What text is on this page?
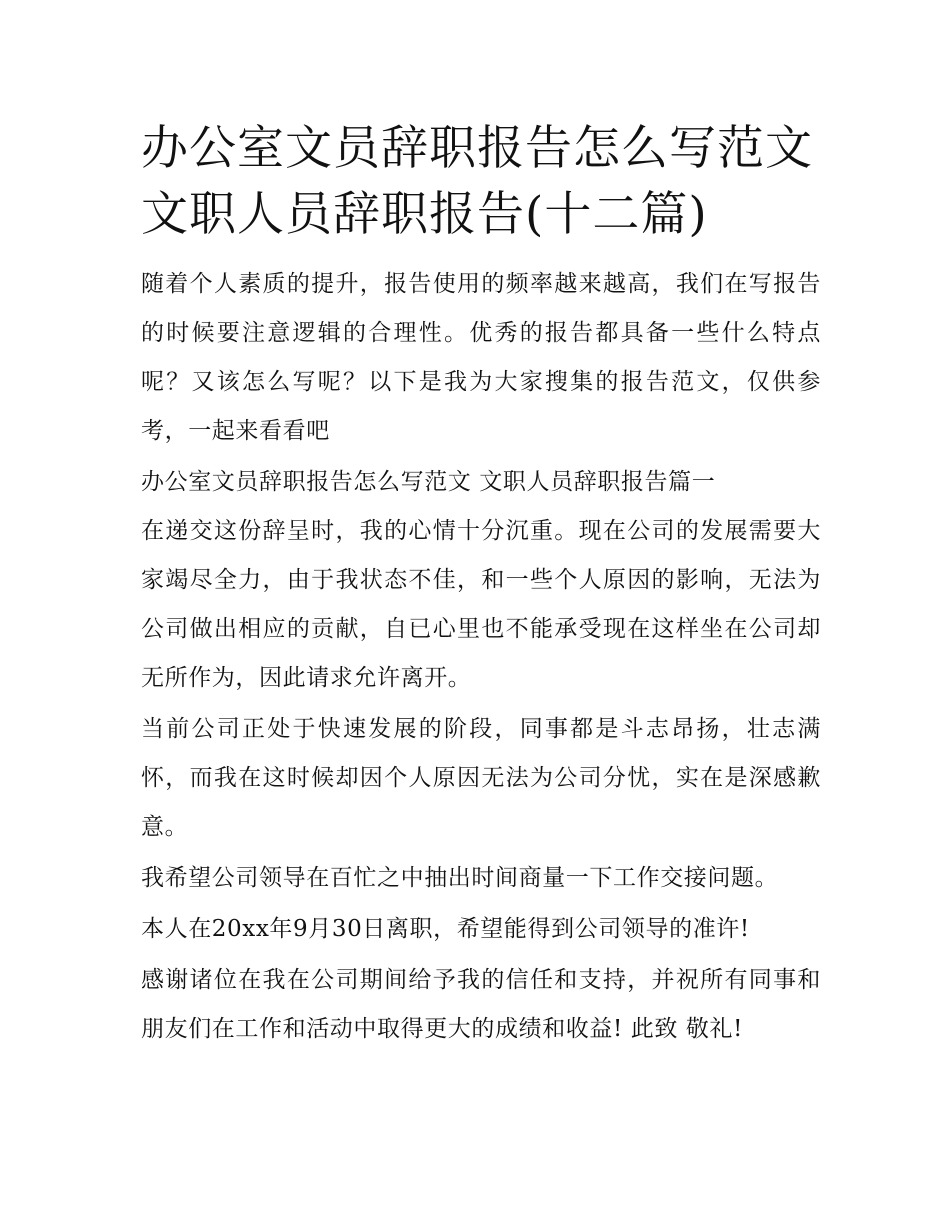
办公室文员辞职报告怎么写范文 文职人员辞职报告(十二篇)

随着个人素质的提升，报告使用的频率越来越高，我们在写报告的时候要注意逻辑的合理性。优秀的报告都具备一些什么特点呢？又该怎么写呢？以下是我为大家搜集的报告范文，仅供参考，一起来看看吧

办公室文员辞职报告怎么写范文 文职人员辞职报告篇一

在递交这份辞呈时，我的心情十分沉重。现在公司的发展需要大家竭尽全力，由于我状态不佳，和一些个人原因的影响，无法为公司做出相应的贡献，自已心里也不能承受现在这样坐在公司却无所作为，因此请求允许离开。

当前公司正处于快速发展的阶段，同事都是斗志昂扬，壮志满怀，而我在这时候却因个人原因无法为公司分忧，实在是深感歉意。

我希望公司领导在百忙之中抽出时间商量一下工作交接问题。

本人在20xx年9月30日离职，希望能得到公司领导的准许!

感谢诸位在我在公司期间给予我的信任和支持，并祝所有同事和朋友们在工作和活动中取得更大的成绩和收益! 此致 敬礼!
